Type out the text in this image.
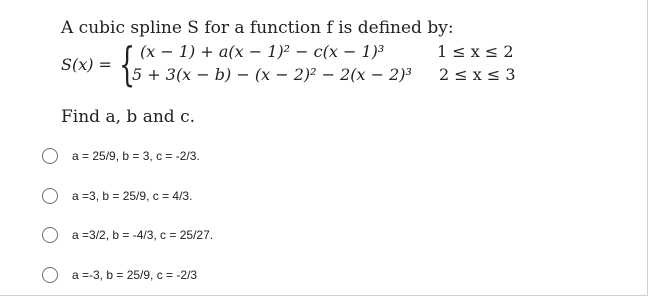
A cubic spline S for a function f is defined by:
S(x) = { (x − 1) + a(x − 1)² − c(x − 1)³
5 + 3(x − b) − (x − 2)² − 2(x − 2)³
1 ≤ x ≤ 2
2 ≤ x ≤ 3
Find a, b and c.
a = 25/9, b = 3, c = -2/3.
a =3, b = 25/9, c = 4/3.
a =3/2, b = -4/3, c = 25/27.
a =-3, b = 25/9, c = -2/3
